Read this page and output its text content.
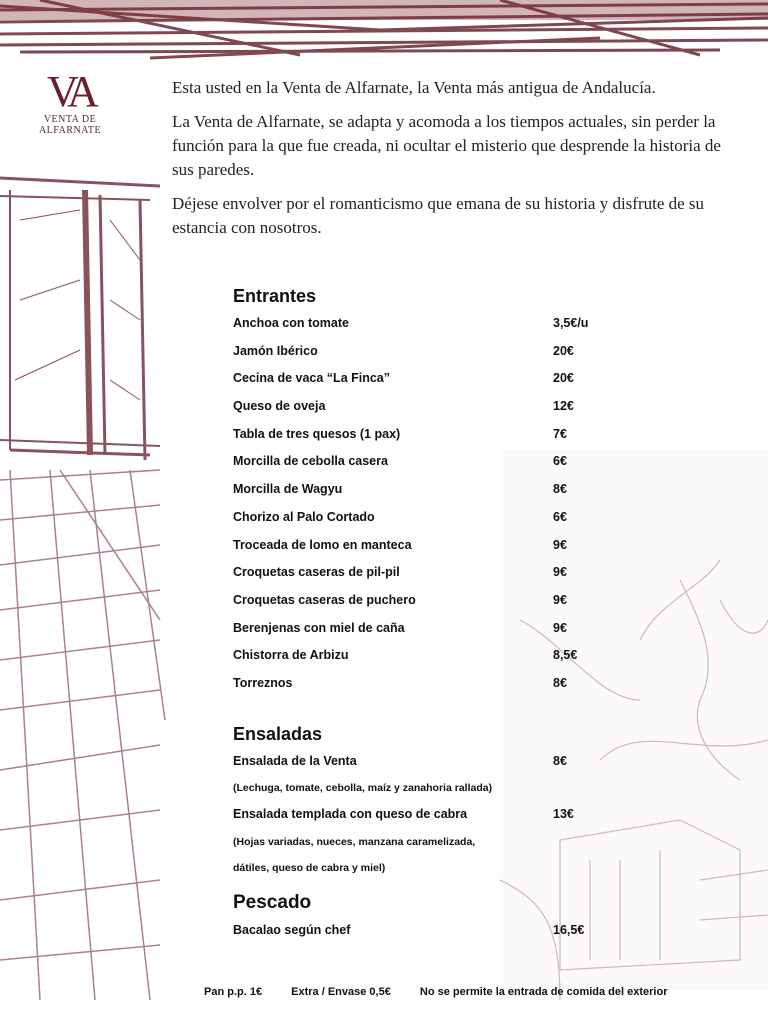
VA
VENTA DE
ALFARNATE

Esta usted en la Venta de Alfarnate, la Venta más antigua de Andalucía.

La Venta de Alfarnate, se adapta y acomoda a los tiempos actuales, sin perder la función para la que fue creada, ni ocultar el misterio que desprende la historia de sus paredes.

Déjese envolver por el romanticismo que emana de su historia y disfrute de su estancia con nosotros.

Entrantes
Anchoa con tomate	3,5€/u
Jamón Ibérico	20€
Cecina de vaca “La Finca”	20€
Queso de oveja	12€
Tabla de tres quesos (1 pax)	7€
Morcilla de cebolla casera	6€
Morcilla de Wagyu	8€
Chorizo al Palo Cortado	6€
Troceada de lomo en manteca	9€
Croquetas caseras de pil-pil	9€
Croquetas caseras de puchero	9€
Berenjenas con miel de caña	9€
Chistorra de Arbizu	8,5€
Torreznos	8€
Ensaladas
Ensalada de la Venta	8€
(Lechuga, tomate, cebolla, maíz y zanahoria rallada)
Ensalada templada con queso de cabra	13€
(Hojas variadas, nueces, manzana caramelizada,
dátiles, queso de cabra y miel)
Pescado
Bacalao según chef	16,5€
Pan p.p. 1€	Extra / Envase 0,5€	No se permite la entrada de comida del exterior
